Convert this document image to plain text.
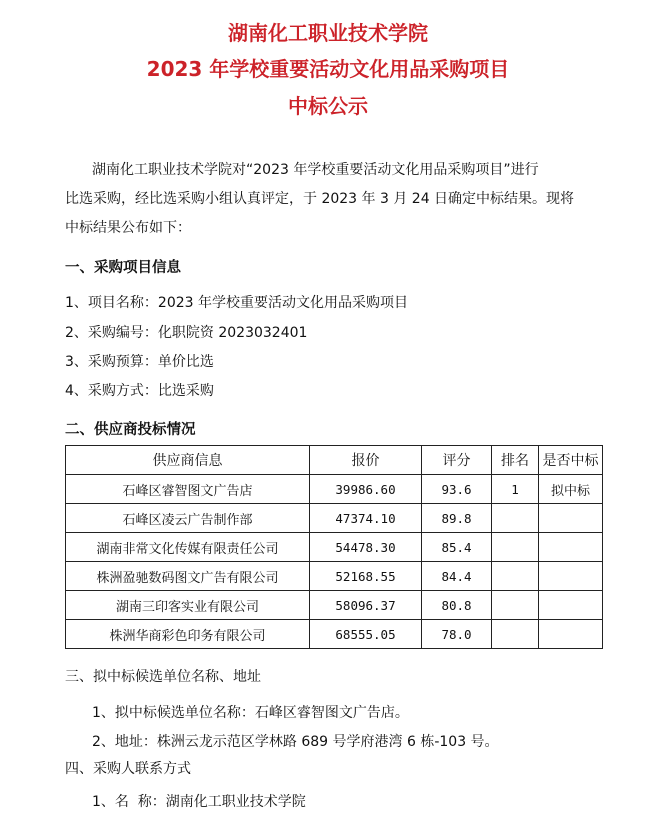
湖南化工职业技术学院
2023 年学校重要活动文化用品采购项目
中标公示

湖南化工职业技术学院对“2023 年学校重要活动文化用品采购项目”进行

比选采购，经比选采购小组认真评定，于 2023 年 3 月 24 日确定中标结果。现将

中标结果公布如下：

一、采购项目信息

1、项目名称：2023 年学校重要活动文化用品采购项目

2、采购编号：化职院资 2023032401

3、采购预算：单价比选

4、采购方式：比选采购

二、供应商投标情况

供应商信息	报价	评分	排名	是否中标
石峰区睿智图文广告店	39986.60	93.6	1	拟中标
石峰区凌云广告制作部	47374.10	89.8		
湖南非常文化传媒有限责任公司	54478.30	85.4		
株洲盈驰数码图文广告有限公司	52168.55	84.4		
湖南三印客实业有限公司	58096.37	80.8		
株洲华商彩色印务有限公司	68555.05	78.0		

三、拟中标候选单位名称、地址

1、拟中标候选单位名称：石峰区睿智图文广告店。

2、地址：株洲云龙示范区学林路 689 号学府港湾 6 栋-103 号。

四、采购人联系方式

1、名  称：湖南化工职业技术学院
